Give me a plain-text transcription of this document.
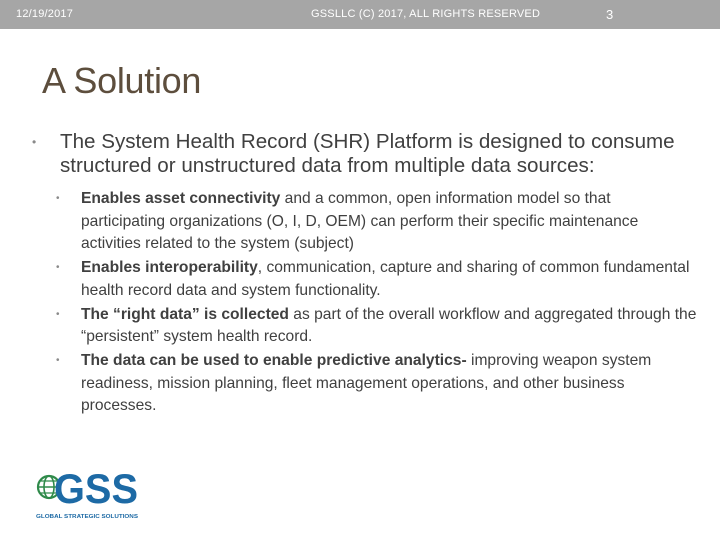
12/19/2017	GSSLLC (C) 2017, ALL RIGHTS RESERVED	3
A Solution
•	The System Health Record (SHR) Platform is designed to consume structured or unstructured data from multiple data sources:
•	Enables asset connectivity and a common, open information model so that participating organizations (O, I, D, OEM) can perform their specific maintenance activities related to the system (subject)
•	Enables interoperability, communication, capture and sharing of common fundamental health record data and system functionality.
•	The “right data” is collected as part of the overall workflow and aggregated through the “persistent” system health record.
•	The data can be used to enable predictive analytics- improving weapon system readiness, mission planning, fleet management operations, and other business processes.
GSS
GLOBAL STRATEGIC SOLUTIONS
